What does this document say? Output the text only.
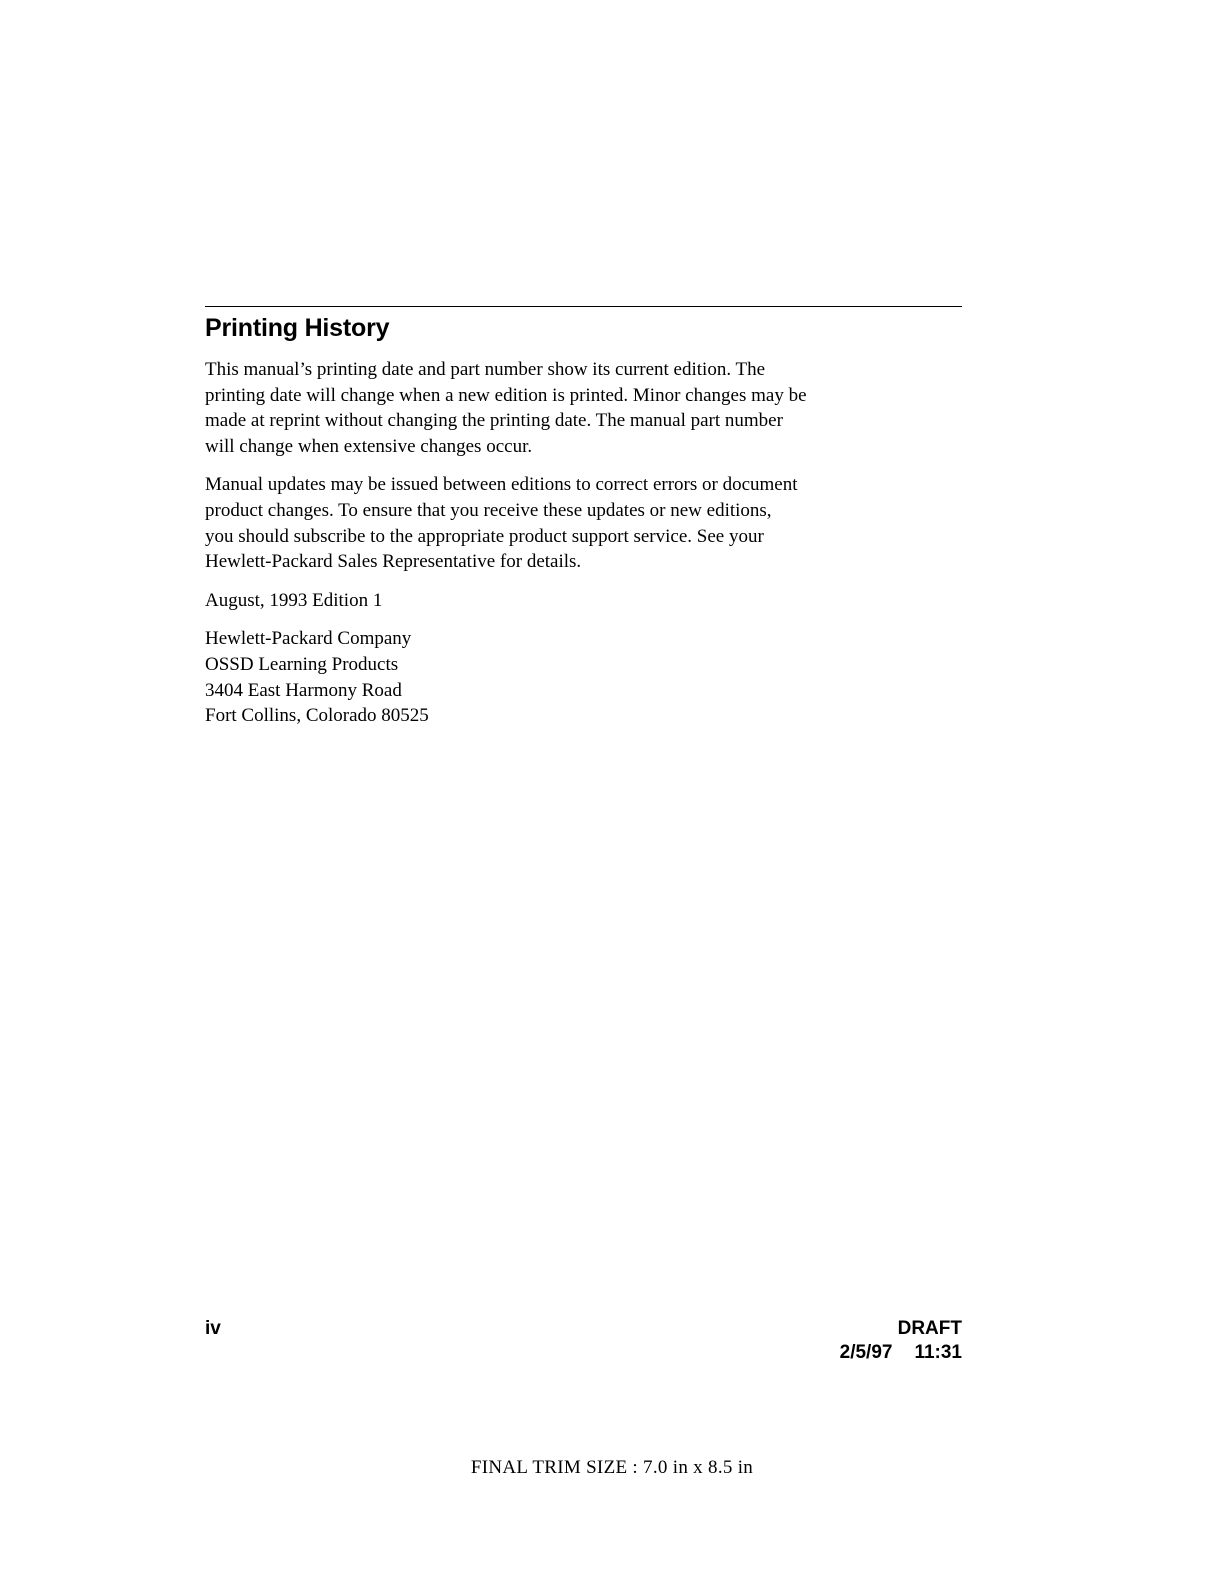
Printing History

This manual’s printing date and part number show its current edition. The
printing date will change when a new edition is printed. Minor changes may be
made at reprint without changing the printing date. The manual part number
will change when extensive changes occur.

Manual updates may be issued between editions to correct errors or document
product changes. To ensure that you receive these updates or new editions,
you should subscribe to the appropriate product support service. See your
Hewlett-Packard Sales Representative for details.

August, 1993 Edition 1

Hewlett-Packard Company
OSSD Learning Products
3404 East Harmony Road
Fort Collins, Colorado 80525

iv	DRAFT
2/5/97 11:31
FINAL TRIM SIZE : 7.0 in x 8.5 in
